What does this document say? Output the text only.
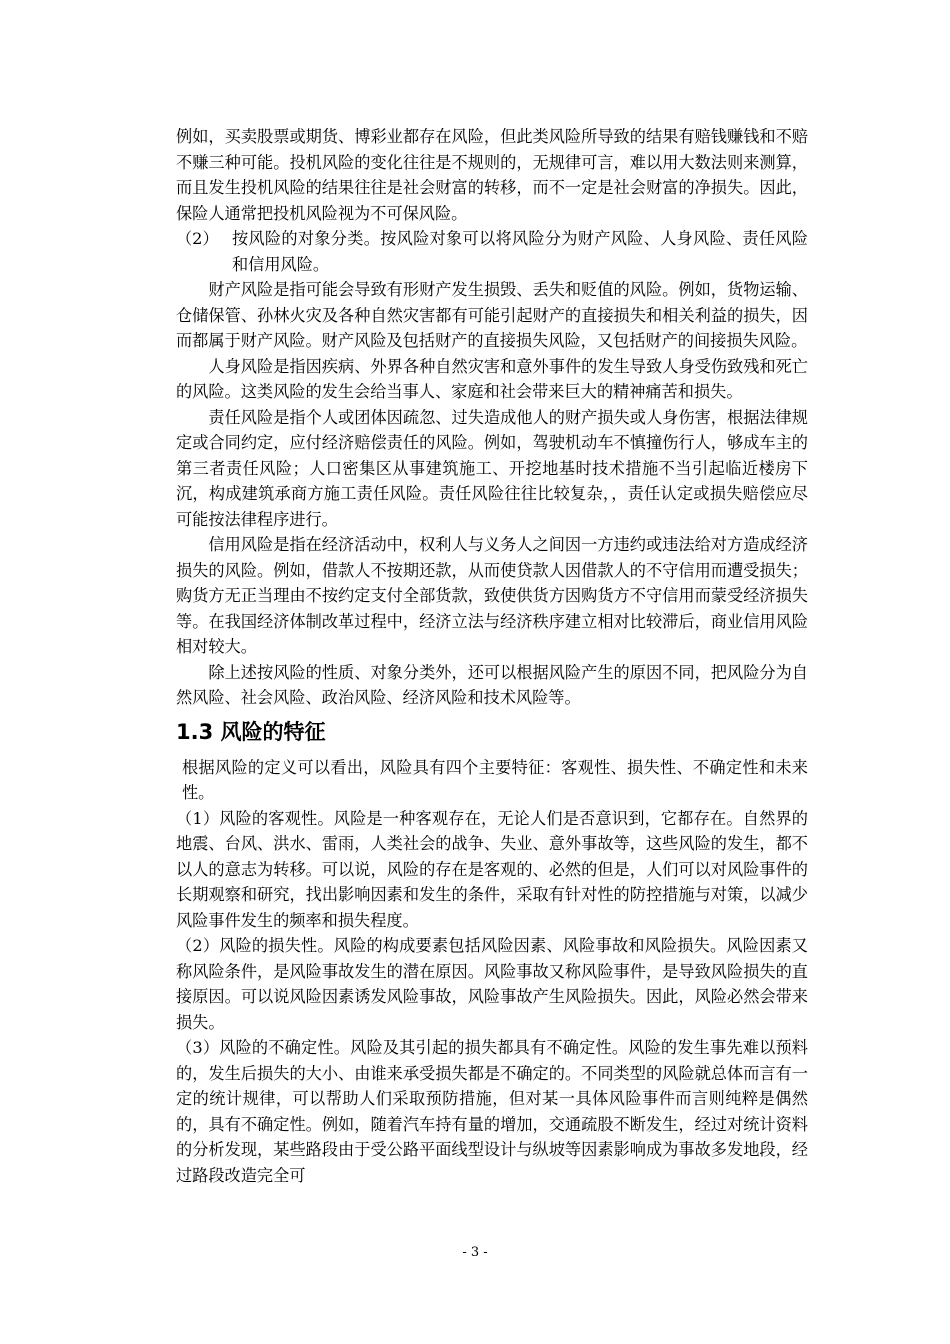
例如，买卖股票或期货、博彩业都存在风险，但此类风险所导致的结果有赔钱赚钱和不赔不赚三种可能。投机风险的变化往往是不规则的，无规律可言，难以用大数法则来测算，而且发生投机风险的结果往往是社会财富的转移，而不一定是社会财富的净损失。因此，保险人通常把投机风险视为不可保风险。

（2） 按风险的对象分类。按风险对象可以将风险分为财产风险、人身风险、责任风险和信用风险。

财产风险是指可能会导致有形财产发生损毁、丢失和贬值的风险。例如，货物运输、仓储保管、孙林火灾及各种自然灾害都有可能引起财产的直接损失和相关利益的损失，因而都属于财产风险。财产风险及包括财产的直接损失风险，又包括财产的间接损失风险。

人身风险是指因疾病、外界各种自然灾害和意外事件的发生导致人身受伤致残和死亡的风险。这类风险的发生会给当事人、家庭和社会带来巨大的精神痛苦和损失。

责任风险是指个人或团体因疏忽、过失造成他人的财产损失或人身伤害，根据法律规定或合同约定，应付经济赔偿责任的风险。例如，驾驶机动车不慎撞伤行人，够成车主的第三者责任风险；人口密集区从事建筑施工、开挖地基时技术措施不当引起临近楼房下沉，构成建筑承商方施工责任风险。责任风险往往比较复杂，，责任认定或损失赔偿应尽可能按法律程序进行。

信用风险是指在经济活动中，权利人与义务人之间因一方违约或违法给对方造成经济损失的风险。例如，借款人不按期还款，从而使贷款人因借款人的不守信用而遭受损失；购货方无正当理由不按约定支付全部货款，致使供货方因购货方不守信用而蒙受经济损失等。在我国经济体制改革过程中，经济立法与经济秩序建立相对比较滞后，商业信用风险相对较大。

除上述按风险的性质、对象分类外，还可以根据风险产生的原因不同，把风险分为自然风险、社会风险、政治风险、经济风险和技术风险等。

1.3 风险的特征

根据风险的定义可以看出，风险具有四个主要特征：客观性、损失性、不确定性和未来性。

（1）风险的客观性。风险是一种客观存在，无论人们是否意识到，它都存在。自然界的地震、台风、洪水、雷雨，人类社会的战争、失业、意外事故等，这些风险的发生，都不以人的意志为转移。可以说，风险的存在是客观的、必然的但是，人们可以对风险事件的长期观察和研究，找出影响因素和发生的条件，采取有针对性的防控措施与对策，以减少风险事件发生的频率和损失程度。

（2）风险的损失性。风险的构成要素包括风险因素、风险事故和风险损失。风险因素又称风险条件，是风险事故发生的潜在原因。风险事故又称风险事件，是导致风险损失的直接原因。可以说风险因素诱发风险事故，风险事故产生风险损失。因此，风险必然会带来损失。

（3）风险的不确定性。风险及其引起的损失都具有不确定性。风险的发生事先难以预料的，发生后损失的大小、由谁来承受损失都是不确定的。不同类型的风险就总体而言有一定的统计规律，可以帮助人们采取预防措施，但对某一具体风险事件而言则纯粹是偶然的，具有不确定性。例如，随着汽车持有量的增加，交通疏股不断发生，经过对统计资料的分析发现，某些路段由于受公路平面线型设计与纵坡等因素影响成为事故多发地段，经过路段改造完全可

- 3 -
